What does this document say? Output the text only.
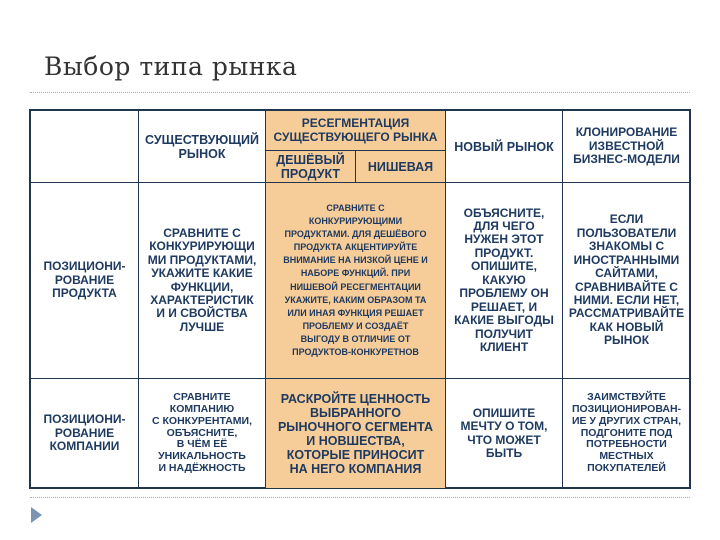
Выбор типа рынка
СУЩЕСТВУЮЩИЙ
РЫНОК
РЕСЕГМЕНТАЦИЯ
СУЩЕСТВУЮЩЕГО РЫНКА
ДЕШЁВЫЙ
ПРОДУКТ	НИШЕВАЯ
НОВЫЙ РЫНОК
КЛОНИРОВАНИЕ
ИЗВЕСТНОЙ
БИЗНЕС-МОДЕЛИ
ПОЗИЦИОНИ-
РОВАНИЕ
ПРОДУКТА
СРАВНИТЕ С
КОНКУРИРУЮЩИ
МИ ПРОДУКТАМИ,
УКАЖИТЕ КАКИЕ
ФУНКЦИИ,
ХАРАКТЕРИСТИК
И И СВОЙСТВА
ЛУЧШЕ
СРАВНИТЕ С
КОНКУРИРУЮЩИМИ
ПРОДУКТАМИ. ДЛЯ ДЕШЁВОГО
ПРОДУКТА АКЦЕНТИРУЙТЕ
ВНИМАНИЕ НА НИЗКОЙ ЦЕНЕ И
НАБОРЕ ФУНКЦИЙ. ПРИ
НИШЕВОЙ РЕСЕГМЕНТАЦИИ
УКАЖИТЕ, КАКИМ ОБРАЗОМ ТА
ИЛИ ИНАЯ ФУНКЦИЯ РЕШАЕТ
ПРОБЛЕМУ И СОЗДАЁТ
ВЫГОДУ В ОТЛИЧИЕ ОТ
ПРОДУКТОВ-КОНКУРЕТНОВ
ОБЪЯСНИТЕ,
ДЛЯ ЧЕГО
НУЖЕН ЭТОТ
ПРОДУКТ.
ОПИШИТЕ,
КАКУЮ
ПРОБЛЕМУ ОН
РЕШАЕТ, И
КАКИЕ ВЫГОДЫ
ПОЛУЧИТ
КЛИЕНТ
ЕСЛИ
ПОЛЬЗОВАТЕЛИ
ЗНАКОМЫ С
ИНОСТРАННЫМИ
САЙТАМИ,
СРАВНИВАЙТЕ С
НИМИ. ЕСЛИ НЕТ,
РАССМАТРИВАЙТЕ
КАК НОВЫЙ
РЫНОК
ПОЗИЦИОНИ-
РОВАНИЕ
КОМПАНИИ
СРАВНИТЕ
КОМПАНИЮ
С КОНКУРЕНТАМИ,
ОБЪЯСНИТЕ,
В ЧЁМ ЕЁ
УНИКАЛЬНОСТЬ
И НАДЁЖНОСТЬ
РАСКРОЙТЕ ЦЕННОСТЬ
ВЫБРАННОГО
РЫНОЧНОГО СЕГМЕНТА
И НОВШЕСТВА,
КОТОРЫЕ ПРИНОСИТ
НА НЕГО КОМПАНИЯ
ОПИШИТЕ
МЕЧТУ О ТОМ,
ЧТО МОЖЕТ
БЫТЬ
ЗАИМСТВУЙТЕ
ПОЗИЦИОНИРОВАН-
ИЕ У ДРУГИХ СТРАН,
ПОДГОНИТЕ ПОД
ПОТРЕБНОСТИ
МЕСТНЫХ
ПОКУПАТЕЛЕЙ
